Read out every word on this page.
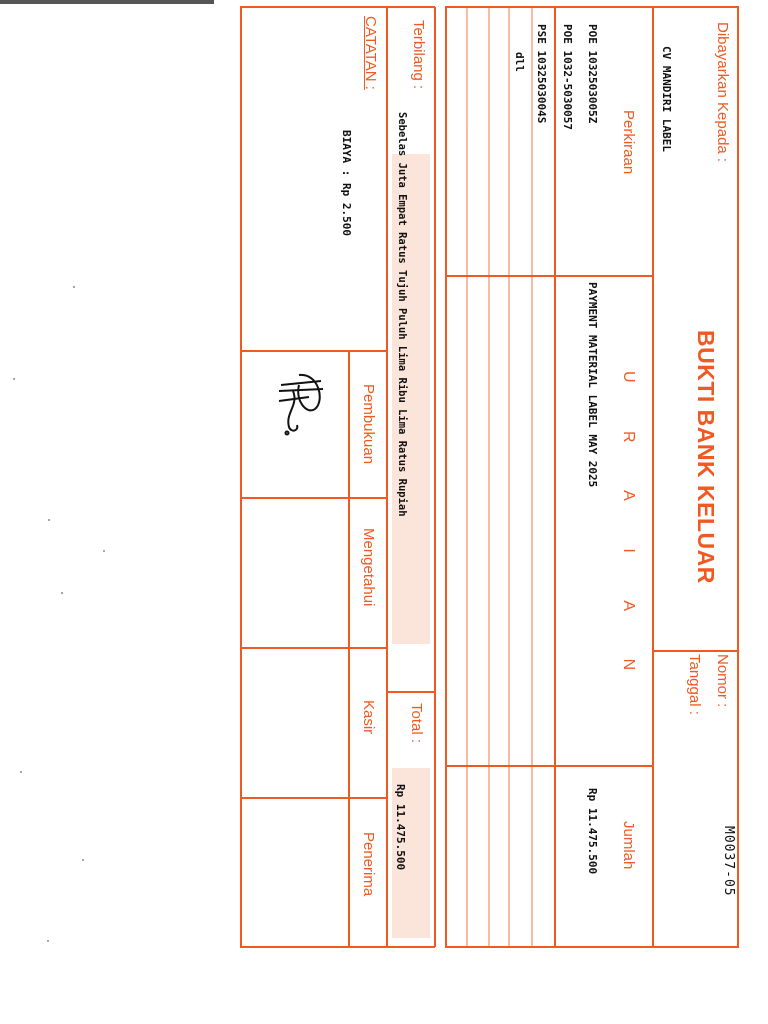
M0037-05
Dibayarkan Kepada :
CV MANDIRI LABEL
BUKTI BANK KELUAR
Nomor :
Tanggal :
Perkiraan
U R A I A N
Jumlah
POE 1032503005Z
PAYMENT MATERIAL LABEL MAY 2025
Rp 11.475.500
POE 1032-5030057
PSE 1032503004S
dll
Terbilang :
Sebelas Juta Empat Ratus Tujuh Puluh Lima Ribu Lima Ratus Rupiah
Total :
Rp 11.475.500
CATATAN :
BIAYA : Rp 2.500
Pembukuan
Mengetahui
Kasir
Penerima
